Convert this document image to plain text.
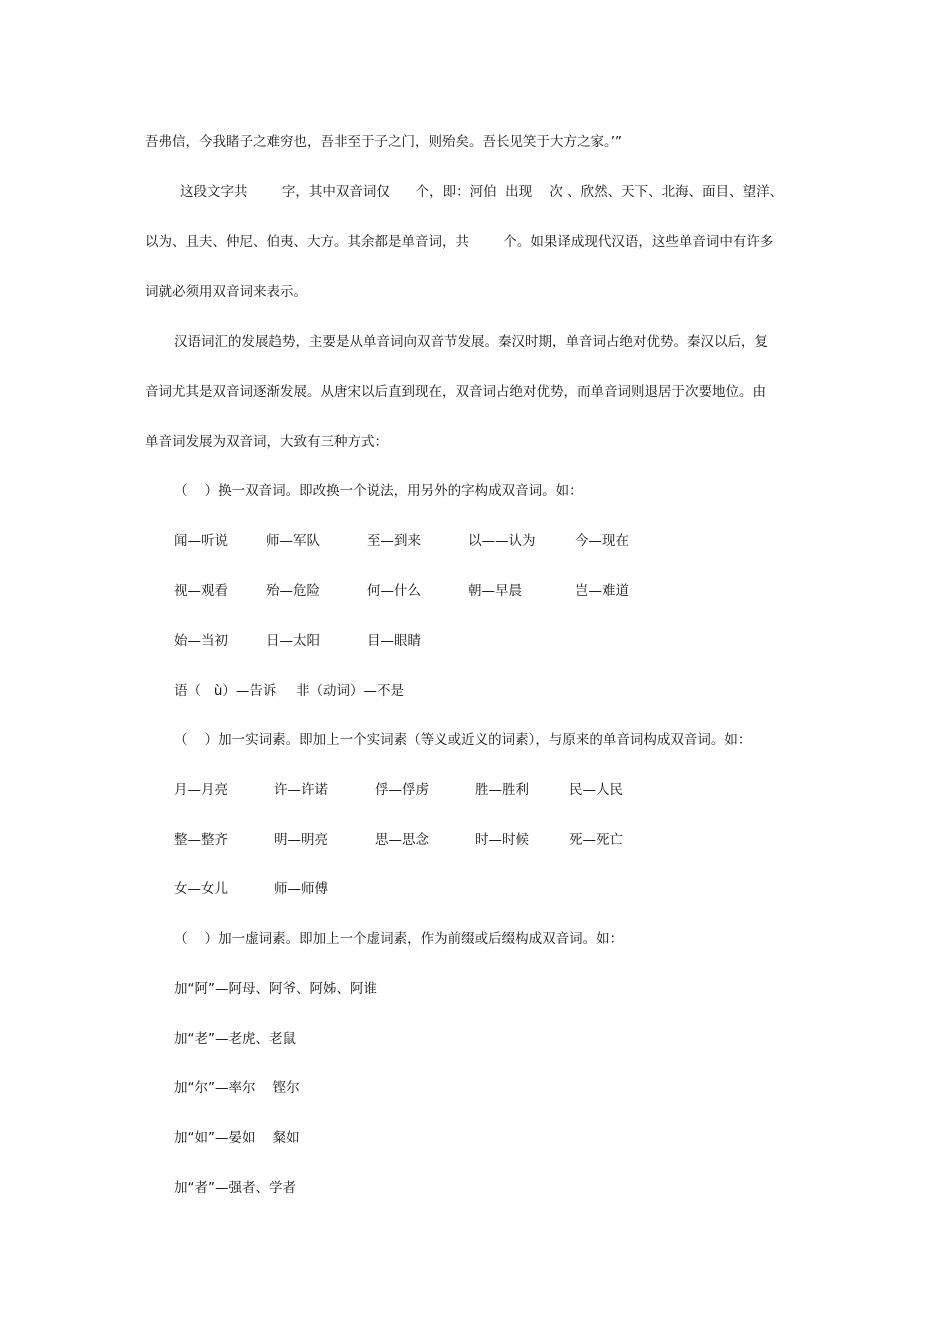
吾弗信，今我睹子之难穷也，吾非至于子之门，则殆矣。吾长见笑于大方之家。’”
这段文字共        字，其中双音词仅      个，即：河伯  出现    次 、欣然、天下、北海、面目、望洋、
以为、且夫、仲尼、伯夷、大方。其余都是单音词，共        个。如果译成现代汉语，这些单音词中有许多
词就必须用双音词来表示。
汉语词汇的发展趋势，主要是从单音词向双音节发展。秦汉时期，单音词占绝对优势。秦汉以后，复
音词尤其是双音词逐渐发展。从唐宋以后直到现在，双音词占绝对优势，而单音词则退居于次要地位。由
单音词发展为双音词，大致有三种方式：
（    ）换一双音词。即改换一个说法，用另外的字构成双音词。如：
闻—听说	师—军队	至—到来	以——认为	今—现在
视—观看	殆—危险	何—什么	朝—早晨	岂—难道
始—当初	日—太阳	目—眼睛
语（   ù）—告诉 非（动词）—不是
（    ）加一实词素。即加上一个实词素（等义或近义的词素），与原来的单音词构成双音词。如：
月—月亮	许—许诺	俘—俘虏	胜—胜利	民—人民
整—整齐	明—明亮	思—思念	时—时候	死—死亡
女—女儿	师—师傅
（    ）加一虚词素。即加上一个虚词素，作为前缀或后缀构成双音词。如：
加“阿”—阿母、阿爷、阿姊、阿谁
加“老”—老虎、老鼠
加“尔”—率尔    铿尔
加“如”—晏如    粲如
加“者”—强者、学者
